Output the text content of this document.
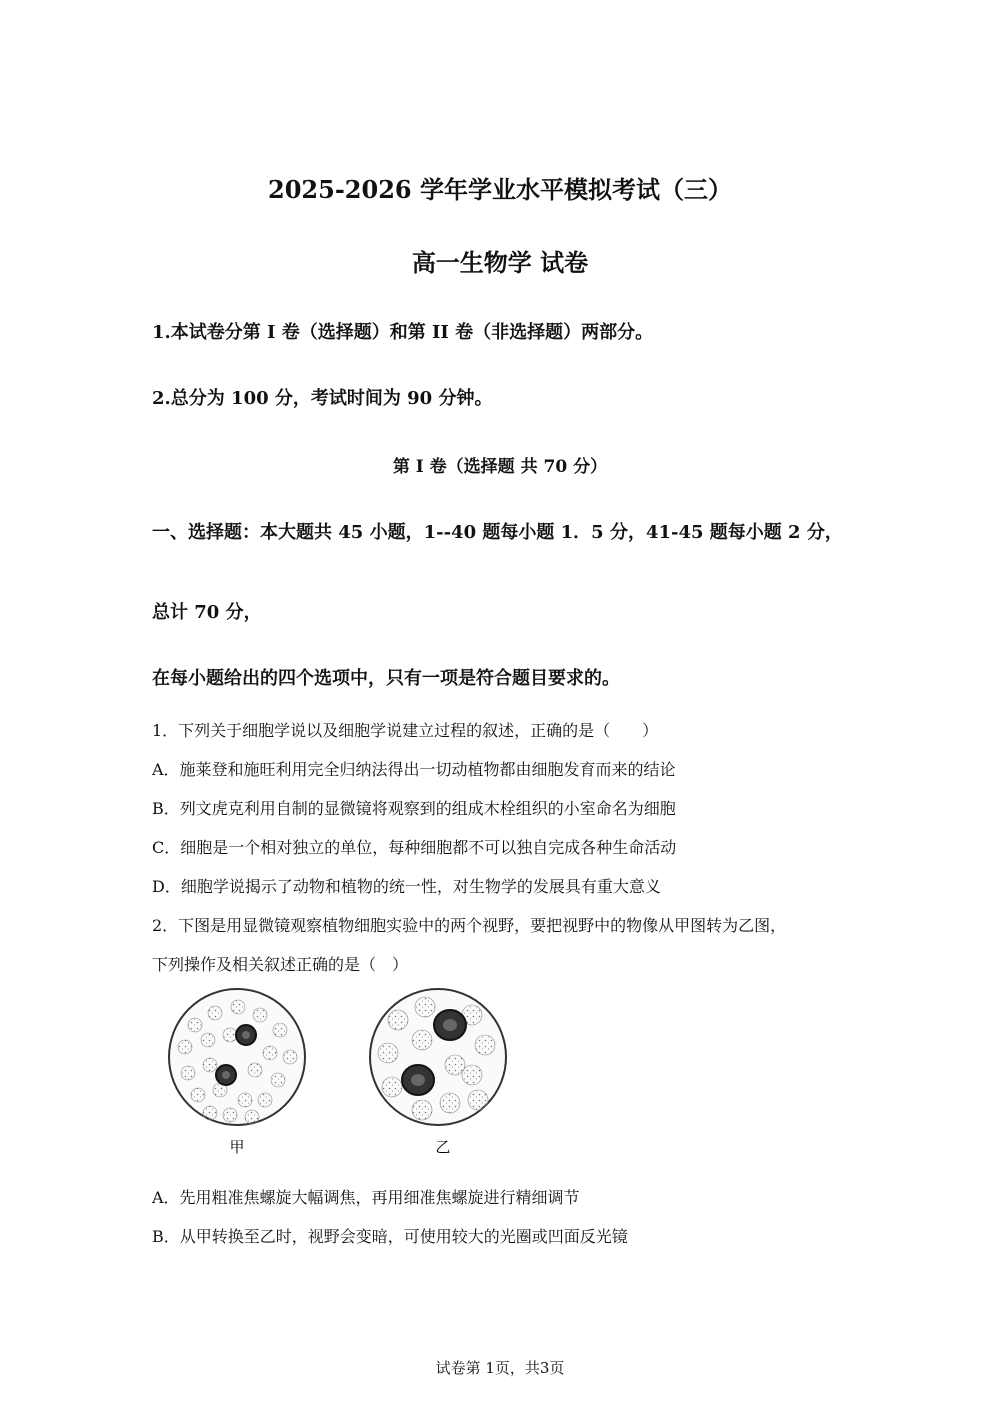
2025-2026 学年学业水平模拟考试（三）
高一生物学 试卷
1.本试卷分第 I 卷（选择题）和第 II 卷（非选择题）两部分。
2.总分为 100 分，考试时间为 90 分钟。
第 I 卷（选择题 共 70 分）
一、选择题：本大题共 45 小题，1--40 题每小题 1．5 分，41-45 题每小题 2 分，
总计 70 分，
在每小题给出的四个选项中，只有一项是符合题目要求的。
1．下列关于细胞学说以及细胞学说建立过程的叙述，正确的是（　　）
A．施莱登和施旺利用完全归纳法得出一切动植物都由细胞发育而来的结论
B．列文虎克利用自制的显微镜将观察到的组成木栓组织的小室命名为细胞
C．细胞是一个相对独立的单位，每种细胞都不可以独自完成各种生命活动
D．细胞学说揭示了动物和植物的统一性，对生物学的发展具有重大意义
2．下图是用显微镜观察植物细胞实验中的两个视野，要把视野中的物像从甲图转为乙图，
下列操作及相关叙述正确的是（　）
甲	乙
A．先用粗准焦螺旋大幅调焦，再用细准焦螺旋进行精细调节
B．从甲转换至乙时，视野会变暗，可使用较大的光圈或凹面反光镜
试卷第 1页，共3页
